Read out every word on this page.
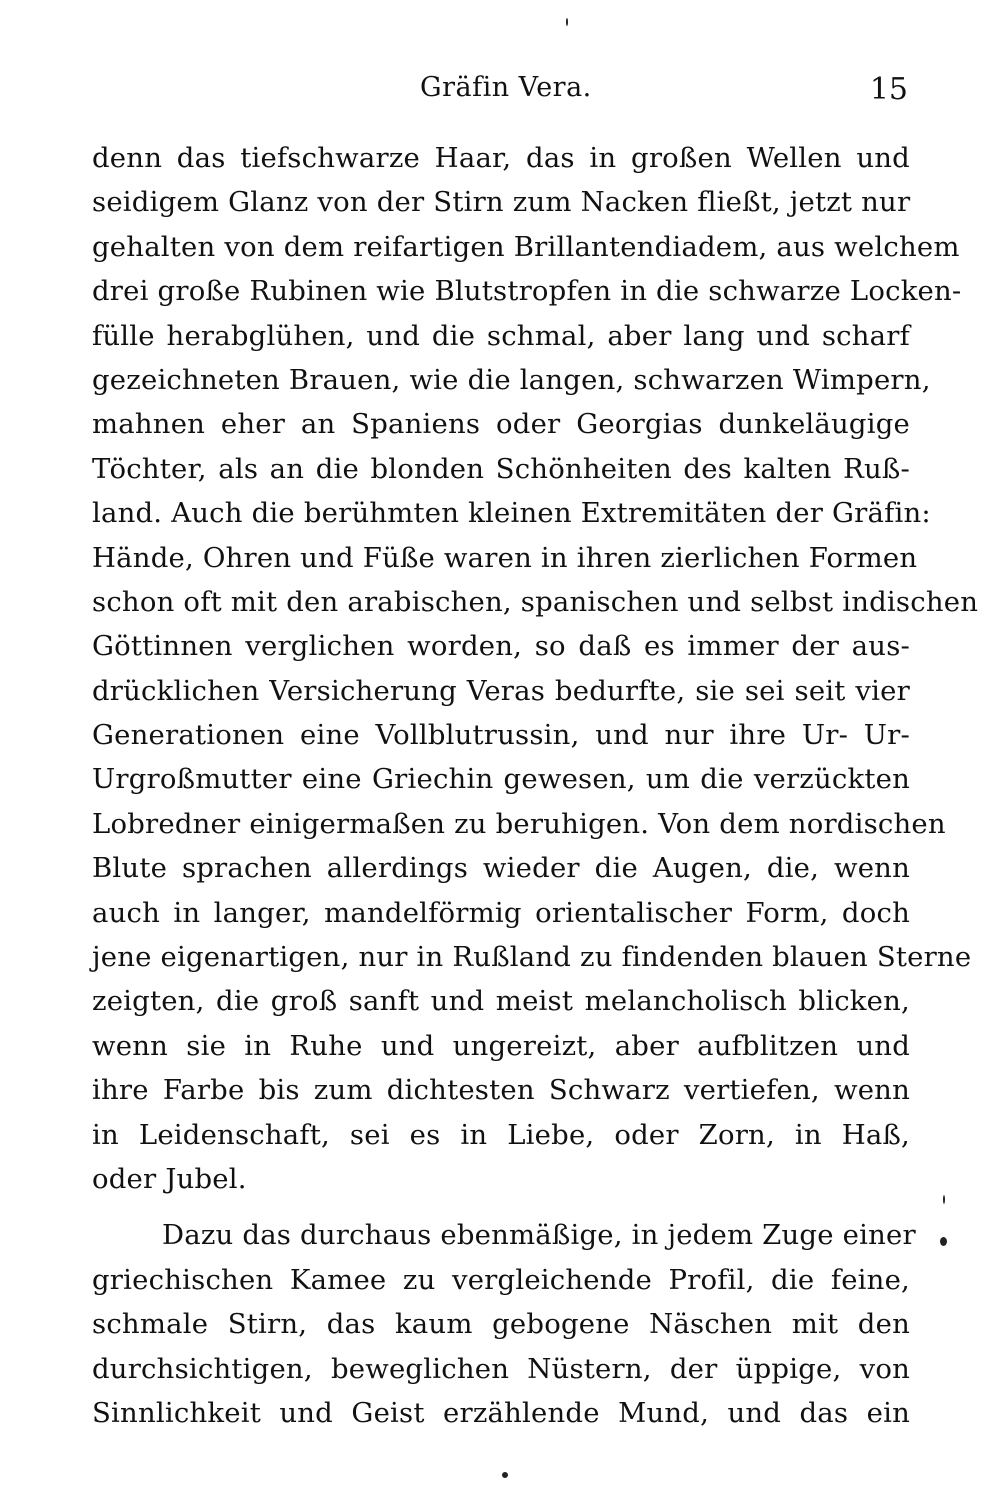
Gräfin Vera.	15
denn das tiefschwarze Haar, das in großen Wellen und
seidigem Glanz von der Stirn zum Nacken fließt, jetzt nur
gehalten von dem reifartigen Brillantendiadem, aus welchem
drei große Rubinen wie Blutstropfen in die schwarze Locken-
fülle herabglühen, und die schmal, aber lang und scharf
gezeichneten Brauen, wie die langen, schwarzen Wimpern,
mahnen eher an Spaniens oder Georgias dunkeläugige
Töchter, als an die blonden Schönheiten des kalten Ruß-
land. Auch die berühmten kleinen Extremitäten der Gräfin:
Hände, Ohren und Füße waren in ihren zierlichen Formen
schon oft mit den arabischen, spanischen und selbst indischen
Göttinnen verglichen worden, so daß es immer der aus-
drücklichen Versicherung Veras bedurfte, sie sei seit vier
Generationen eine Vollblutrussin, und nur ihre Ur- Ur-
Urgroßmutter eine Griechin gewesen, um die verzückten
Lobredner einigermaßen zu beruhigen. Von dem nordischen
Blute sprachen allerdings wieder die Augen, die, wenn
auch in langer, mandelförmig orientalischer Form, doch
jene eigenartigen, nur in Rußland zu findenden blauen Sterne
zeigten, die groß sanft und meist melancholisch blicken,
wenn sie in Ruhe und ungereizt, aber aufblitzen und
ihre Farbe bis zum dichtesten Schwarz vertiefen, wenn
in Leidenschaft, sei es in Liebe, oder Zorn, in Haß,
oder Jubel.
Dazu das durchaus ebenmäßige, in jedem Zuge einer
griechischen Kamee zu vergleichende Profil, die feine,
schmale Stirn, das kaum gebogene Näschen mit den
durchsichtigen, beweglichen Nüstern, der üppige, von
Sinnlichkeit und Geist erzählende Mund, und das ein
